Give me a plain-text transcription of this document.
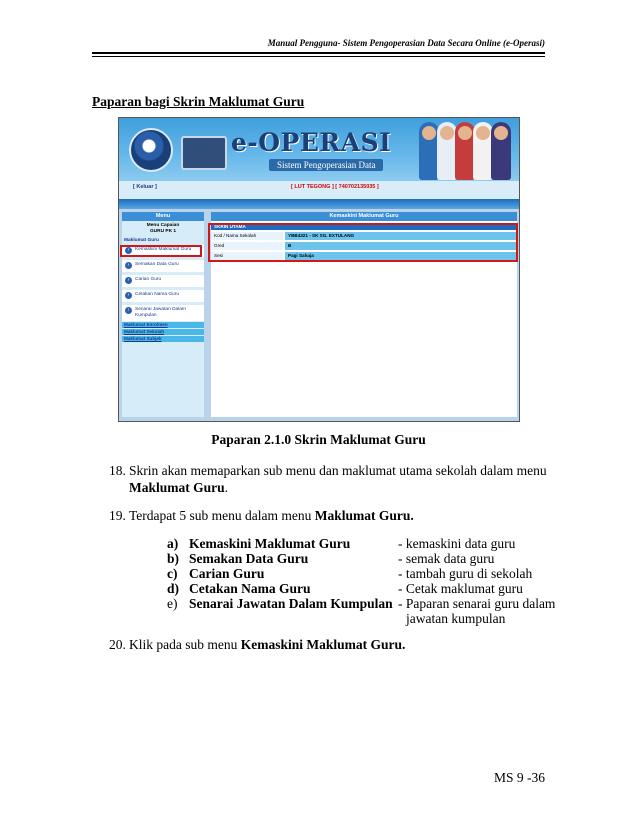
Manual Pengguna- Sistem Pengoperasian Data Secara Online (e-Operasi)
Paparan bagi Skrin Maklumat Guru
e-OPERASI
Sistem Pengoperasian Data
[ Keluar ]	[ LUT TEGONG ] [ 740702135035 ]
Menu
Menu Capaian
GURU PK 1
Maklumat Guru
›	Kemaskini Maklumat Guru
›	Semakan Data Guru
›	Carian Guru
›	Cetakan Nama Guru
›	Senarai Jawatan Dalam Kumpulan
Maklumat Enrolmen
Maklumat Sekolah
Maklumat Subjek
Kemaskini Maklumat Guru
SKRIN UTAMA
Kod / Nama Sekolah	YBB4321 - SK SG. EXTULANG
Gred	B
Sesi	Pagi Sahaja
Paparan 2.1.0 Skrin Maklumat Guru
18. Skrin akan memaparkan sub menu dan maklumat utama sekolah dalam menu
Maklumat Guru.
19. Terdapat 5 sub menu dalam menu Maklumat Guru.
a) Kemaskini Maklumat Guru	- kemaskini data guru
b) Semakan Data Guru	- semak data guru
c) Carian Guru	- tambah guru di sekolah
d) Cetakan Nama Guru	- Cetak maklumat guru
e) Senarai Jawatan Dalam Kumpulan - Paparan senarai guru dalam
jawatan kumpulan
20. Klik pada sub menu Kemaskini Maklumat Guru.
MS 9 -36
